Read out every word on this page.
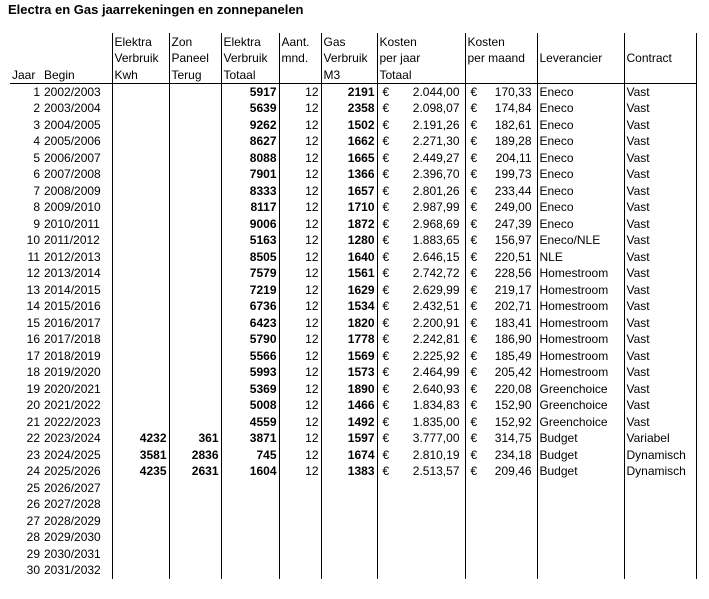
Electra en Gas jaarrekeningen en zonnepanelen
		Elektra	Zon	Elektra	Aant.	Gas	Kosten	Kosten		
		Verbruik	Paneel	Verbruik	mnd.	Verbruik	per jaar	per maand	Leverancier	Contract
Jaar	Begin	Kwh	Terug	Totaal		M3	Totaal			
1	2002/2003			5917	12	2191	€ 2.044,00	€ 170,33	Eneco	Vast
2	2003/2004			5639	12	2358	€ 2.098,07	€ 174,84	Eneco	Vast
3	2004/2005			9262	12	1502	€ 2.191,26	€ 182,61	Eneco	Vast
4	2005/2006			8627	12	1662	€ 2.271,30	€ 189,28	Eneco	Vast
5	2006/2007			8088	12	1665	€ 2.449,27	€ 204,11	Eneco	Vast
6	2007/2008			7901	12	1366	€ 2.396,70	€ 199,73	Eneco	Vast
7	2008/2009			8333	12	1657	€ 2.801,26	€ 233,44	Eneco	Vast
8	2009/2010			8117	12	1710	€ 2.987,99	€ 249,00	Eneco	Vast
9	2010/2011			9006	12	1872	€ 2.968,69	€ 247,39	Eneco	Vast
10	2011/2012			5163	12	1280	€ 1.883,65	€ 156,97	Eneco/NLE	Vast
11	2012/2013			8505	12	1640	€ 2.646,15	€ 220,51	NLE	Vast
12	2013/2014			7579	12	1561	€ 2.742,72	€ 228,56	Homestroom	Vast
13	2014/2015			7219	12	1629	€ 2.629,99	€ 219,17	Homestroom	Vast
14	2015/2016			6736	12	1534	€ 2.432,51	€ 202,71	Homestroom	Vast
15	2016/2017			6423	12	1820	€ 2.200,91	€ 183,41	Homestroom	Vast
16	2017/2018			5790	12	1778	€ 2.242,81	€ 186,90	Homestroom	Vast
17	2018/2019			5566	12	1569	€ 2.225,92	€ 185,49	Homestroom	Vast
18	2019/2020			5993	12	1573	€ 2.464,99	€ 205,42	Homestroom	Vast
19	2020/2021			5369	12	1890	€ 2.640,93	€ 220,08	Greenchoice	Vast
20	2021/2022			5008	12	1466	€ 1.834,83	€ 152,90	Greenchoice	Vast
21	2022/2023			4559	12	1492	€ 1.835,00	€ 152,92	Greenchoice	Vast
22	2023/2024	4232	361	3871	12	1597	€ 3.777,00	€ 314,75	Budget	Variabel
23	2024/2025	3581	2836	745	12	1674	€ 2.810,19	€ 234,18	Budget	Dynamisch
24	2025/2026	4235	2631	1604	12	1383	€ 2.513,57	€ 209,46	Budget	Dynamisch
25	2026/2027									
26	2027/2028									
27	2028/2029									
28	2029/2030									
29	2030/2031									
30	2031/2032									
